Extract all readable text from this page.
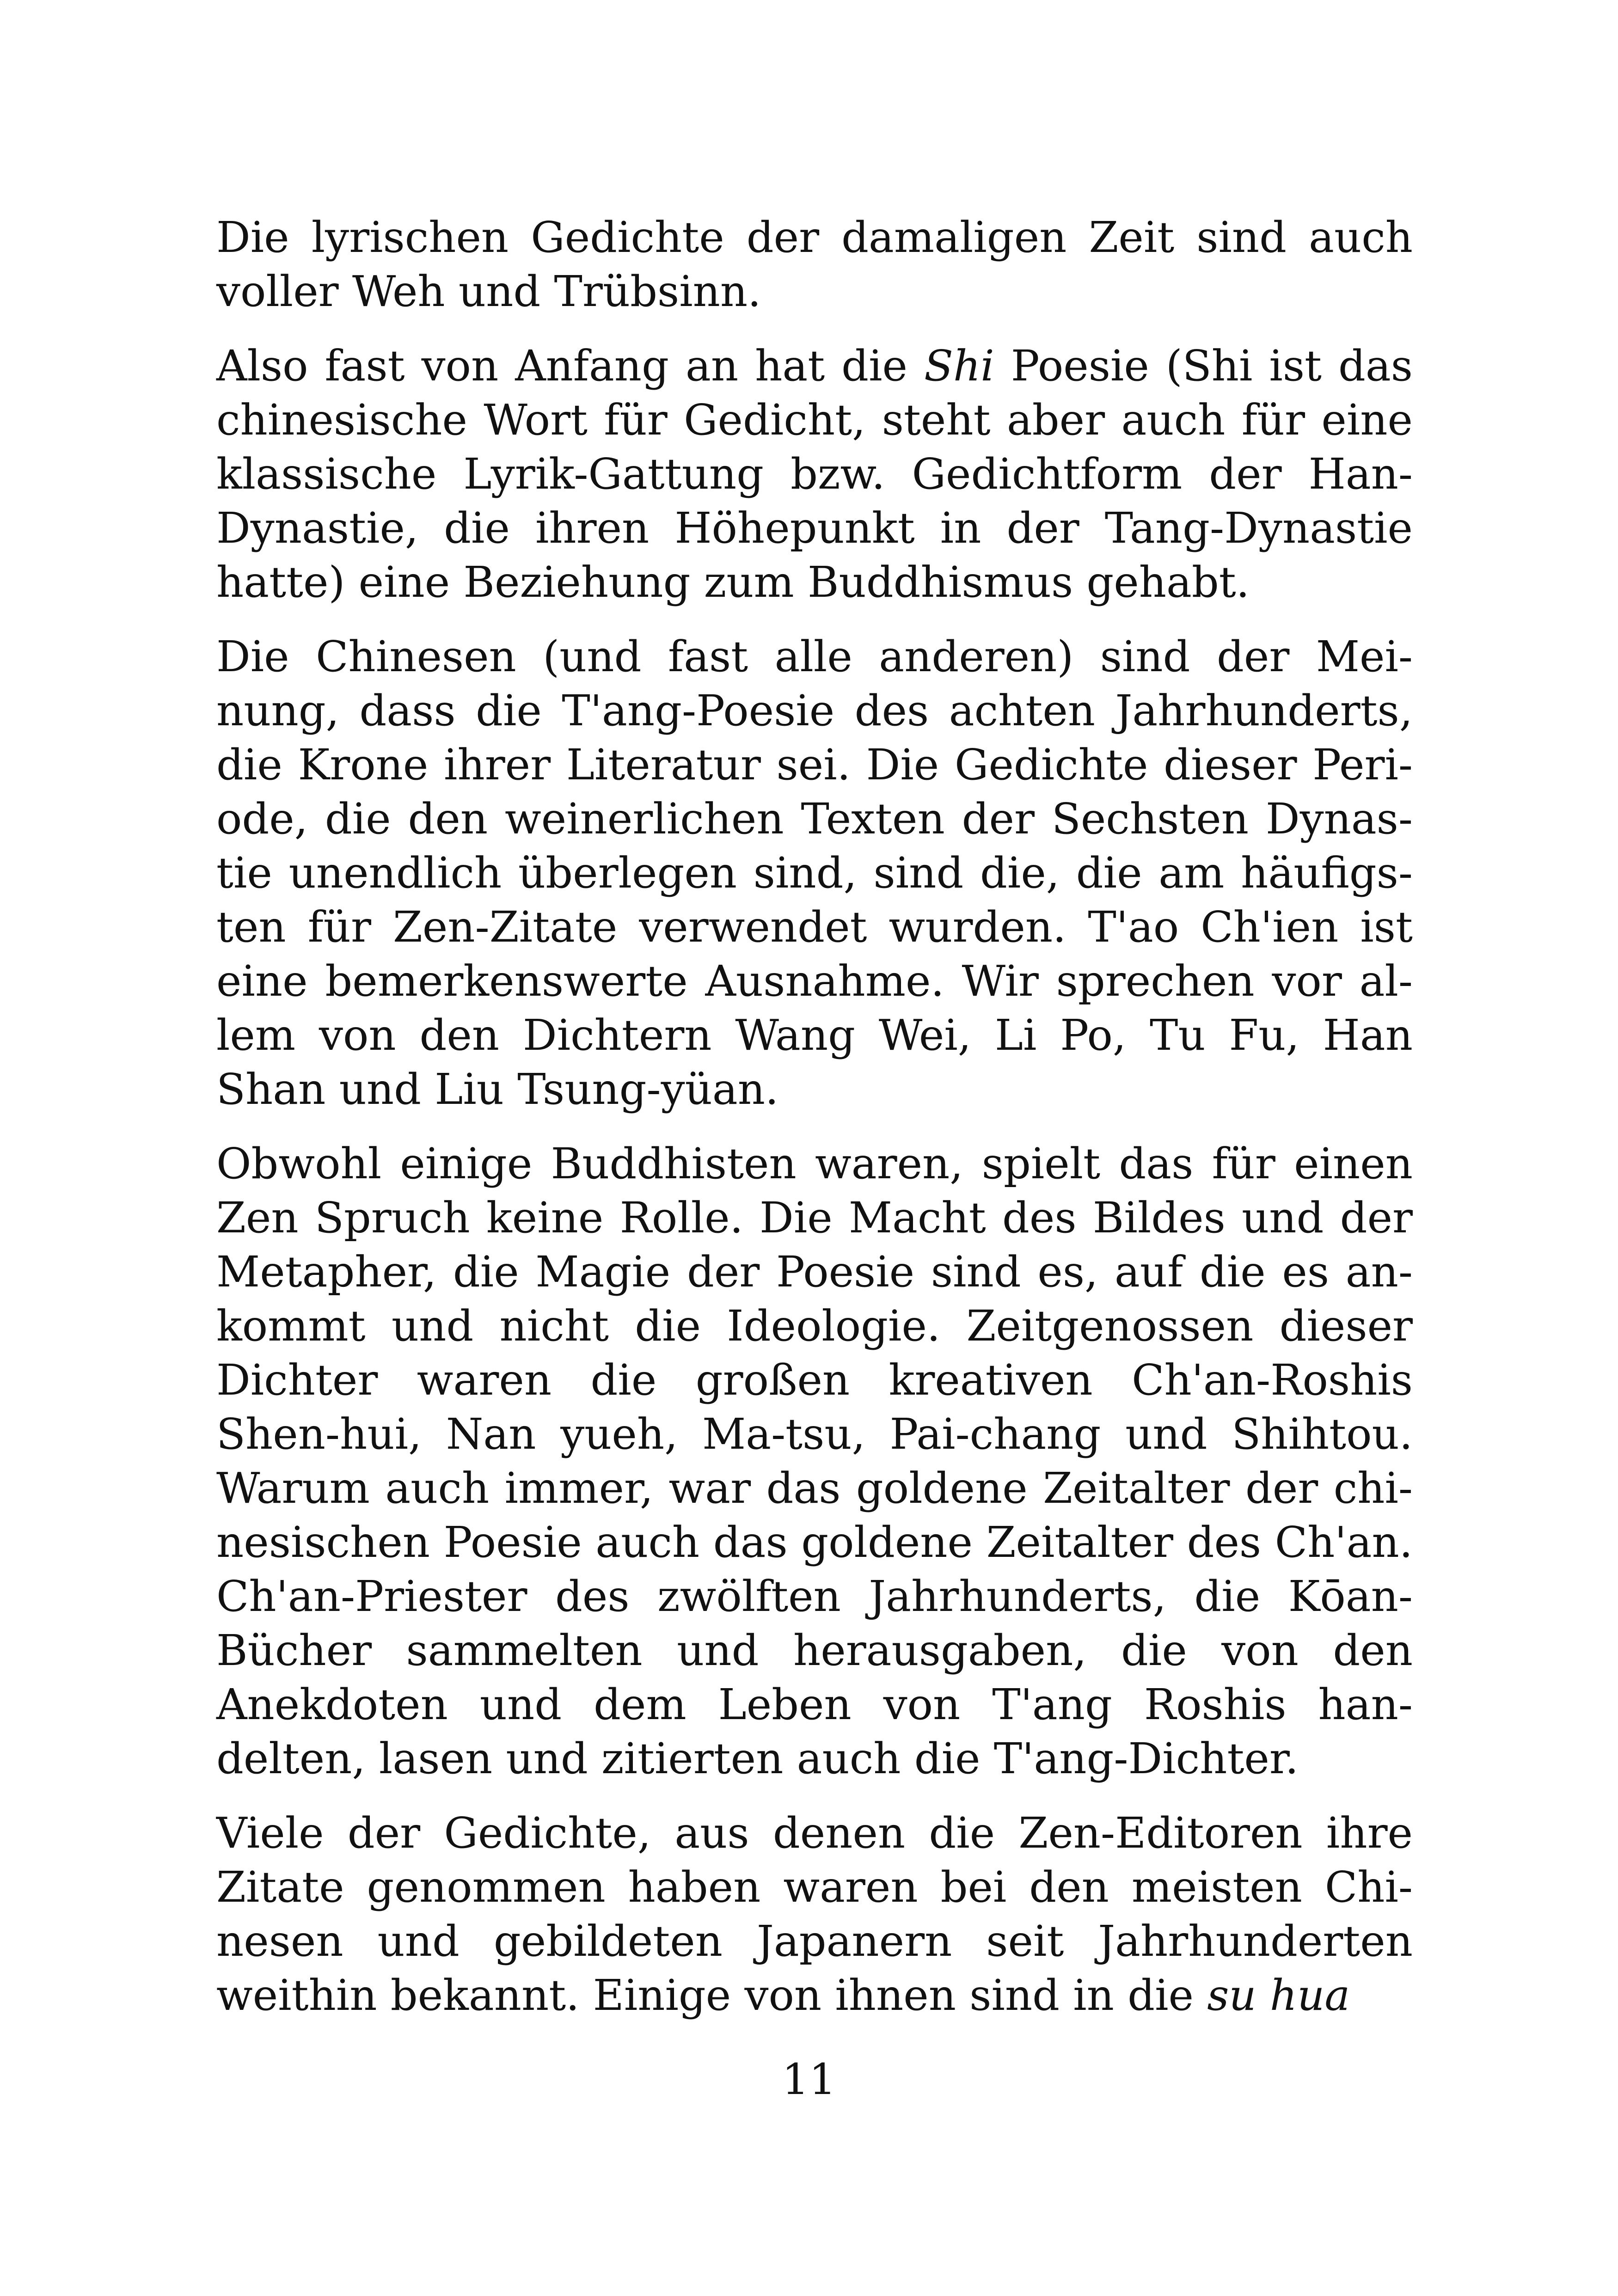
Die lyrischen Gedichte der damaligen Zeit sind auch voller Weh und Trübsinn.

Also fast von Anfang an hat die Shi Poesie (Shi ist das chinesische Wort für Gedicht, steht aber auch für eine klassische Lyrik-Gattung bzw. Gedichtform der Han-Dynastie, die ihren Höhepunkt in der Tang-Dynastie hatte) eine Beziehung zum Buddhismus gehabt.

Die Chinesen (und fast alle anderen) sind der Meinung, dass die T'ang-Poesie des achten Jahrhunderts, die Krone ihrer Literatur sei. Die Gedichte dieser Periode, die den weinerlichen Texten der Sechsten Dynastie unendlich überlegen sind, sind die, die am häufigsten für Zen-Zitate verwendet wurden. T'ao Ch'ien ist eine bemerkenswerte Ausnahme. Wir sprechen vor allem von den Dichtern Wang Wei, Li Po, Tu Fu, Han Shan und Liu Tsung-yüan.

Obwohl einige Buddhisten waren, spielt das für einen Zen Spruch keine Rolle. Die Macht des Bildes und der Metapher, die Magie der Poesie sind es, auf die es ankommt und nicht die Ideologie. Zeitgenossen dieser Dichter waren die großen kreativen Ch'an-Roshis Shen-hui, Nan yueh, Ma-tsu, Pai-chang und Shihtou. Warum auch immer, war das goldene Zeitalter der chinesischen Poesie auch das goldene Zeitalter des Ch'an. Ch'an-Priester des zwölften Jahrhunderts, die Kōan-Bücher sammelten und herausgaben, die von den Anekdoten und dem Leben von T'ang Roshis handelten, lasen und zitierten auch die T'ang-Dichter.

Viele der Gedichte, aus denen die Zen-Editoren ihre Zitate genommen haben waren bei den meisten Chinesen und gebildeten Japanern seit Jahrhunderten weithin bekannt. Einige von ihnen sind in die su hua

11
